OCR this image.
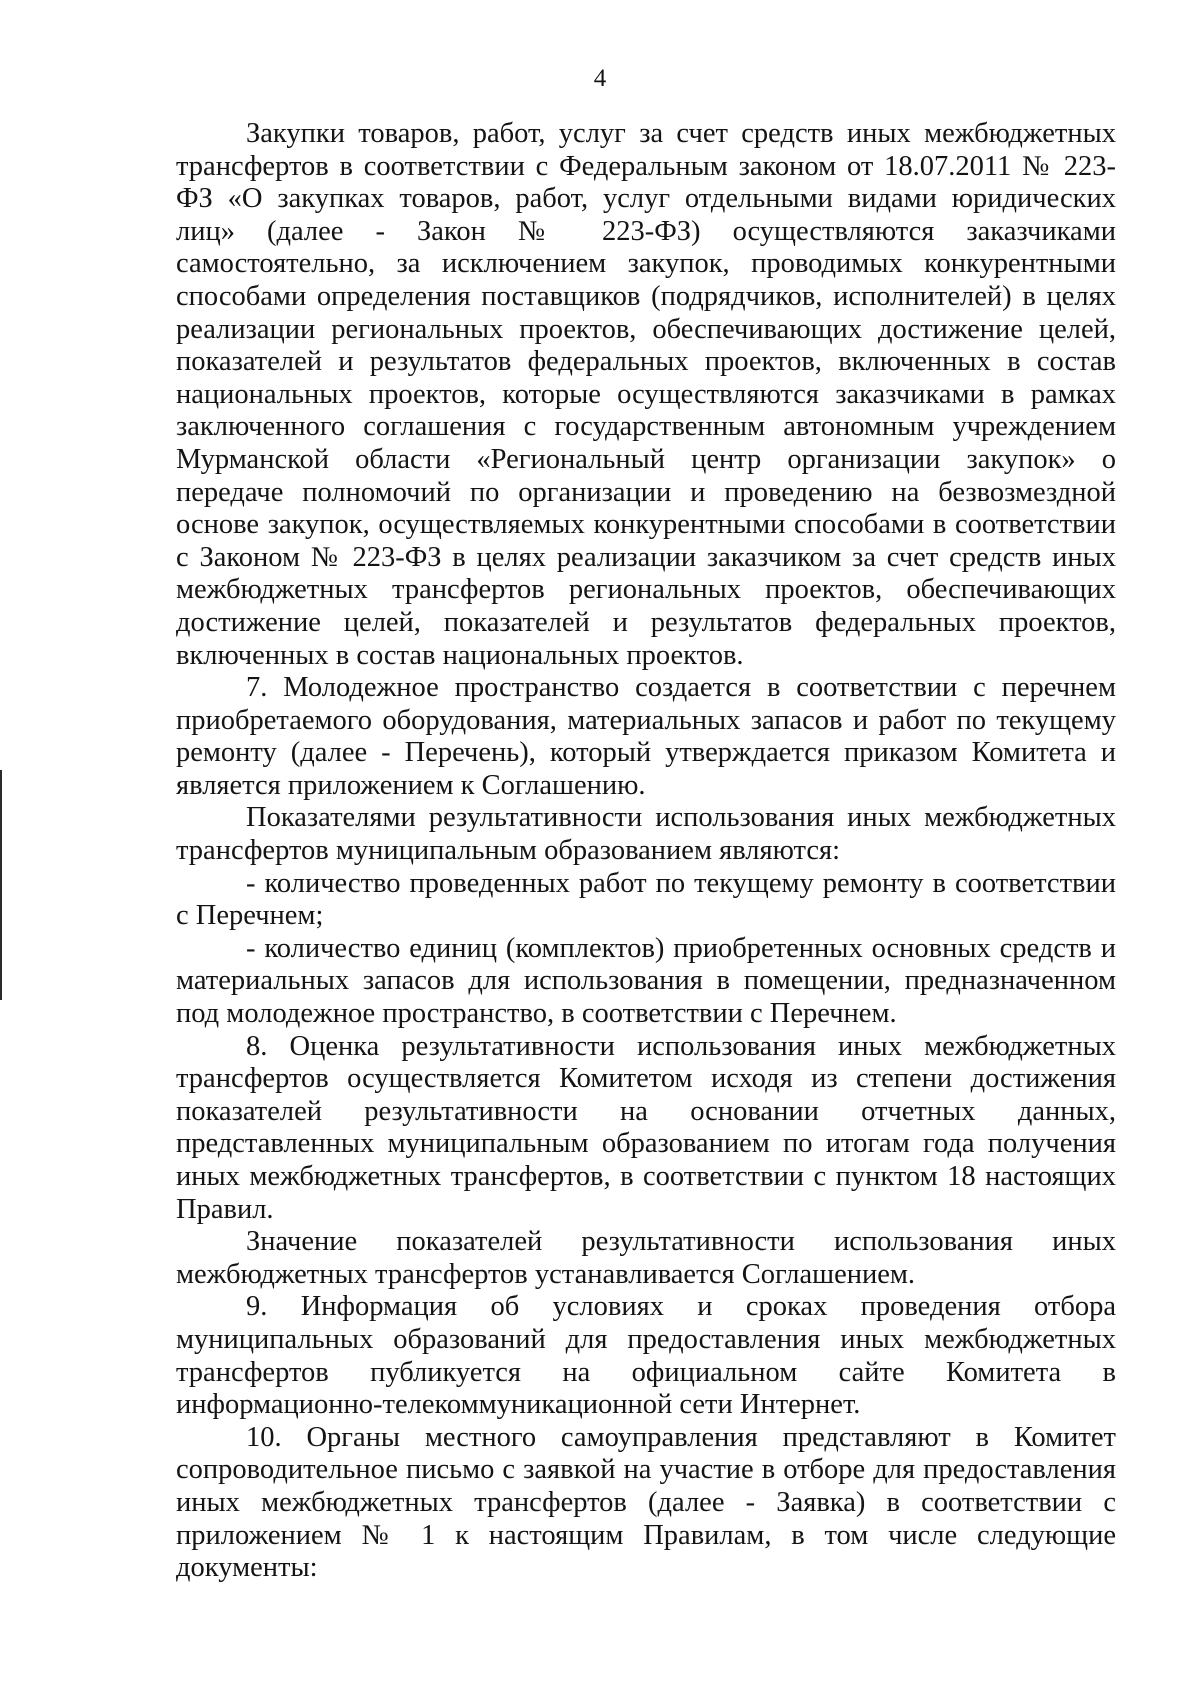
4

Закупки товаров, работ, услуг за счет средств иных межбюджетных трансфертов в соответствии с Федеральным законом от 18.07.2011 № 223-ФЗ «О закупках товаров, работ, услуг отдельными видами юридических лиц» (далее - Закон № 223-ФЗ) осуществляются заказчиками самостоятельно, за исключением закупок, проводимых конкурентными способами определения поставщиков (подрядчиков, исполнителей) в целях реализации региональных проектов, обеспечивающих достижение целей, показателей и результатов федеральных проектов, включенных в состав национальных проектов, которые осуществляются заказчиками в рамках заключенного соглашения с государственным автономным учреждением Мурманской области «Региональный центр организации закупок» о передаче полномочий по организации и проведению на безвозмездной основе закупок, осуществляемых конкурентными способами в соответствии с Законом № 223-ФЗ в целях реализации заказчиком за счет средств иных межбюджетных трансфертов региональных проектов, обеспечивающих достижение целей, показателей и результатов федеральных проектов, включенных в состав национальных проектов.

7. Молодежное пространство создается в соответствии с перечнем приобретаемого оборудования, материальных запасов и работ по текущему ремонту (далее - Перечень), который утверждается приказом Комитета и является приложением к Соглашению.

Показателями результативности использования иных межбюджетных трансфертов муниципальным образованием являются:

- количество проведенных работ по текущему ремонту в соответствии с Перечнем;

- количество единиц (комплектов) приобретенных основных средств и материальных запасов для использования в помещении, предназначенном под молодежное пространство, в соответствии с Перечнем.

8. Оценка результативности использования иных межбюджетных трансфертов осуществляется Комитетом исходя из степени достижения показателей результативности на основании отчетных данных, представленных муниципальным образованием по итогам года получения иных межбюджетных трансфертов, в соответствии с пунктом 18 настоящих Правил.

Значение показателей результативности использования иных межбюджетных трансфертов устанавливается Соглашением.

9. Информация об условиях и сроках проведения отбора муниципальных образований для предоставления иных межбюджетных трансфертов публикуется на официальном сайте Комитета в информационно-телекоммуникационной сети Интернет.

10. Органы местного самоуправления представляют в Комитет сопроводительное письмо с заявкой на участие в отборе для предоставления иных межбюджетных трансфертов (далее - Заявка) в соответствии с приложением № 1 к настоящим Правилам, в том числе следующие документы:
